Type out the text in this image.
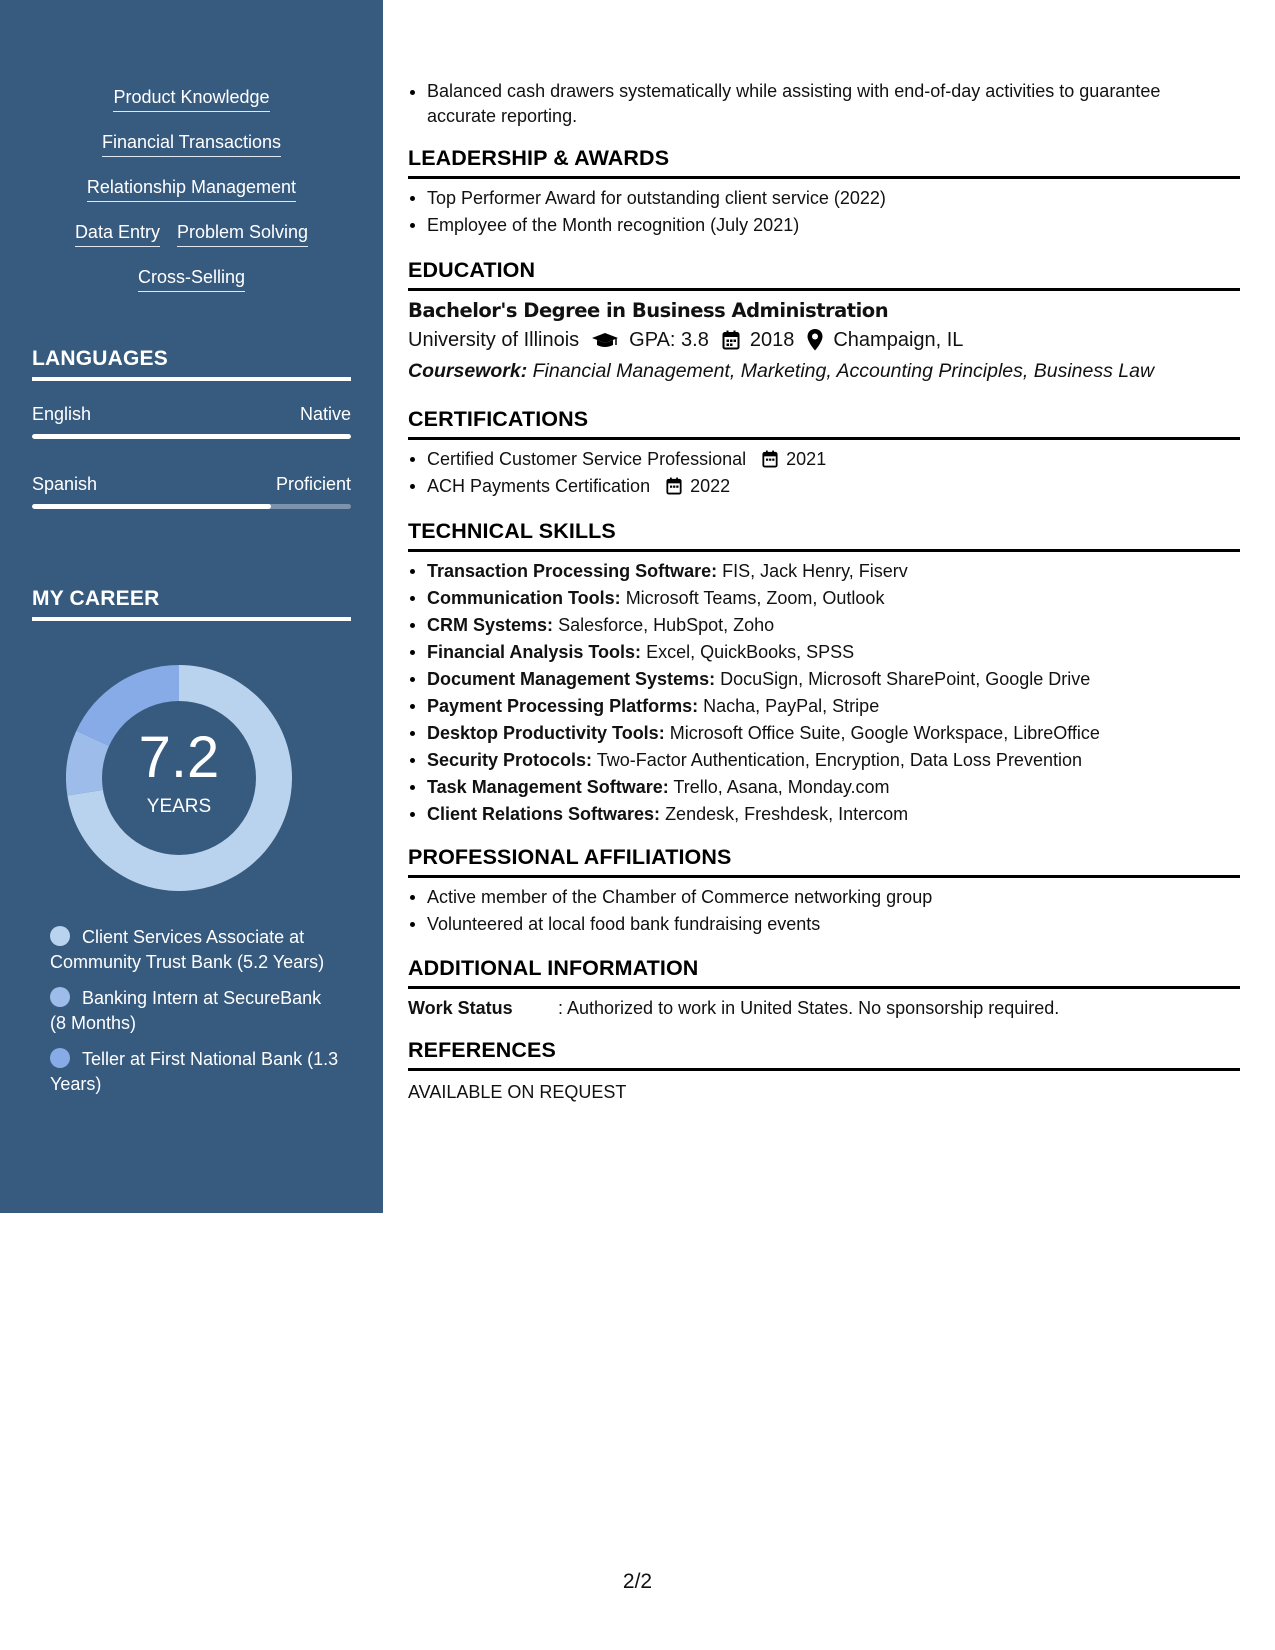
Product Knowledge
Financial Transactions
Relationship Management
Data Entry Problem Solving
Cross-Selling
LANGUAGES
English	Native
Spanish	Proficient
MY CAREER
7.2
YEARS
Client Services Associate at Community Trust Bank (5.2 Years)
Banking Intern at SecureBank (8 Months)
Teller at First National Bank (1.3 Years)
Balanced cash drawers systematically while assisting with end-of-day activities to guarantee accurate reporting.
LEADERSHIP & AWARDS
Top Performer Award for outstanding client service (2022)
Employee of the Month recognition (July 2021)
EDUCATION
Bachelor's Degree in Business Administration
University of Illinois	GPA: 3.8 2018 Champaign, IL
Coursework: Financial Management, Marketing, Accounting Principles, Business Law
CERTIFICATIONS
Certified Customer Service Professional 2021
ACH Payments Certification 2022
TECHNICAL SKILLS
Transaction Processing Software: FIS, Jack Henry, Fiserv
Communication Tools: Microsoft Teams, Zoom, Outlook
CRM Systems: Salesforce, HubSpot, Zoho
Financial Analysis Tools: Excel, QuickBooks, SPSS
Document Management Systems: DocuSign, Microsoft SharePoint, Google Drive
Payment Processing Platforms: Nacha, PayPal, Stripe
Desktop Productivity Tools: Microsoft Office Suite, Google Workspace, LibreOffice
Security Protocols: Two-Factor Authentication, Encryption, Data Loss Prevention
Task Management Software: Trello, Asana, Monday.com
Client Relations Softwares: Zendesk, Freshdesk, Intercom
PROFESSIONAL AFFILIATIONS
Active member of the Chamber of Commerce networking group
Volunteered at local food bank fundraising events
ADDITIONAL INFORMATION
Work Status	: Authorized to work in United States. No sponsorship required.
REFERENCES
AVAILABLE ON REQUEST
2/2
